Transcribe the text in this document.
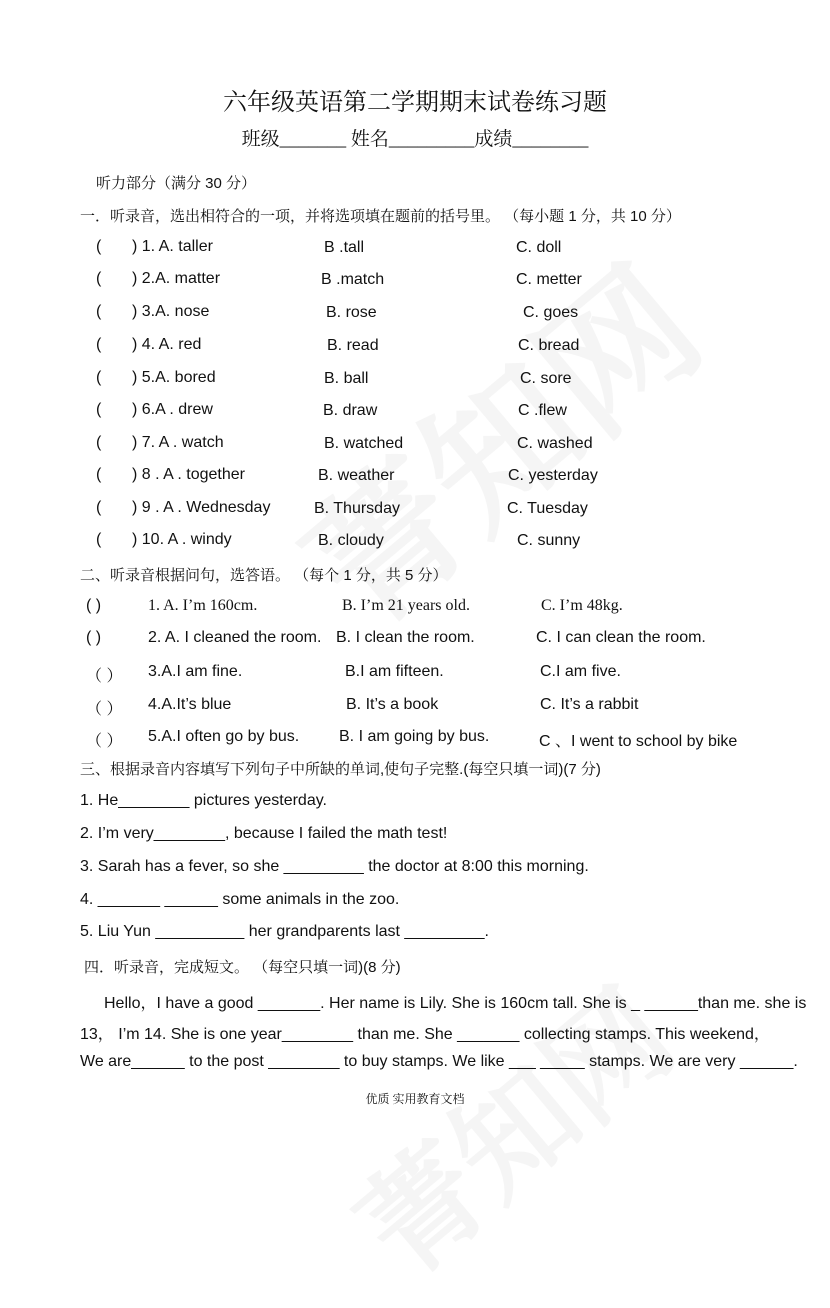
六年级英语第二学期期末试卷练习题
班级_______ 姓名_________成绩________
听力部分（满分 30 分）
一．听录音，选出相符合的一项，并将选项填在题前的括号里。 （每小题 1 分，共 10 分）
( ) 1. A. taller	B .tall	C. doll
( ) 2.A. matter	B .match	C. metter
( ) 3.A. nose	B. rose	C. goes
( ) 4. A. red	B. read	C. bread
( ) 5.A. bored	B. ball	C. sore
( ) 6.A . drew	B. draw	C .flew
( ) 7. A . watch	B. watched	C. washed
( ) 8 . A . together	B. weather	C. yesterday
( ) 9 . A . Wednesday	B. Thursday	C. Tuesday
( ) 10. A . windy	B. cloudy	C. sunny
二、听录音根据问句，选答语。 （每个 1 分，共 5 分）
( )	1. A. I’m 160cm.	B. I’m 21 years old.	C. I’m 48kg.
( )	2. A. I cleaned the room. B. I clean the room.	C. I can clean the room.
（ ） 3.A.I am fine.	B.I am fifteen.	C.I am five.
（ ） 4.A.It’s blue	B. It’s a book	C. It’s a rabbit
（ ） 5.A.I often go by bus. B. I am going by bus.	C 、I went to school by bike
三、根据录音内容填写下列句子中所缺的单词,使句子完整.(每空只填一词)(7 分)
1. He________ pictures yesterday.
2. I’m very________, because I failed the math test!
3. Sarah has a fever, so she _________ the doctor at 8:00 this morning.
4. _______ ______ some animals in the zoo.
5. Liu Yun __________ her grandparents last _________.
四．听录音，完成短文。 （每空只填一词)(8 分)
Hello，I have a good _______. Her name is Lily. She is 160cm tall. She is _ ______than me. she is
13， I’m 14. She is one year________ than me. She _______ collecting stamps. This weekend，
We are______ to the post ________ to buy stamps. We like ___ _____ stamps. We are very ______.
优质 实用教育文档
